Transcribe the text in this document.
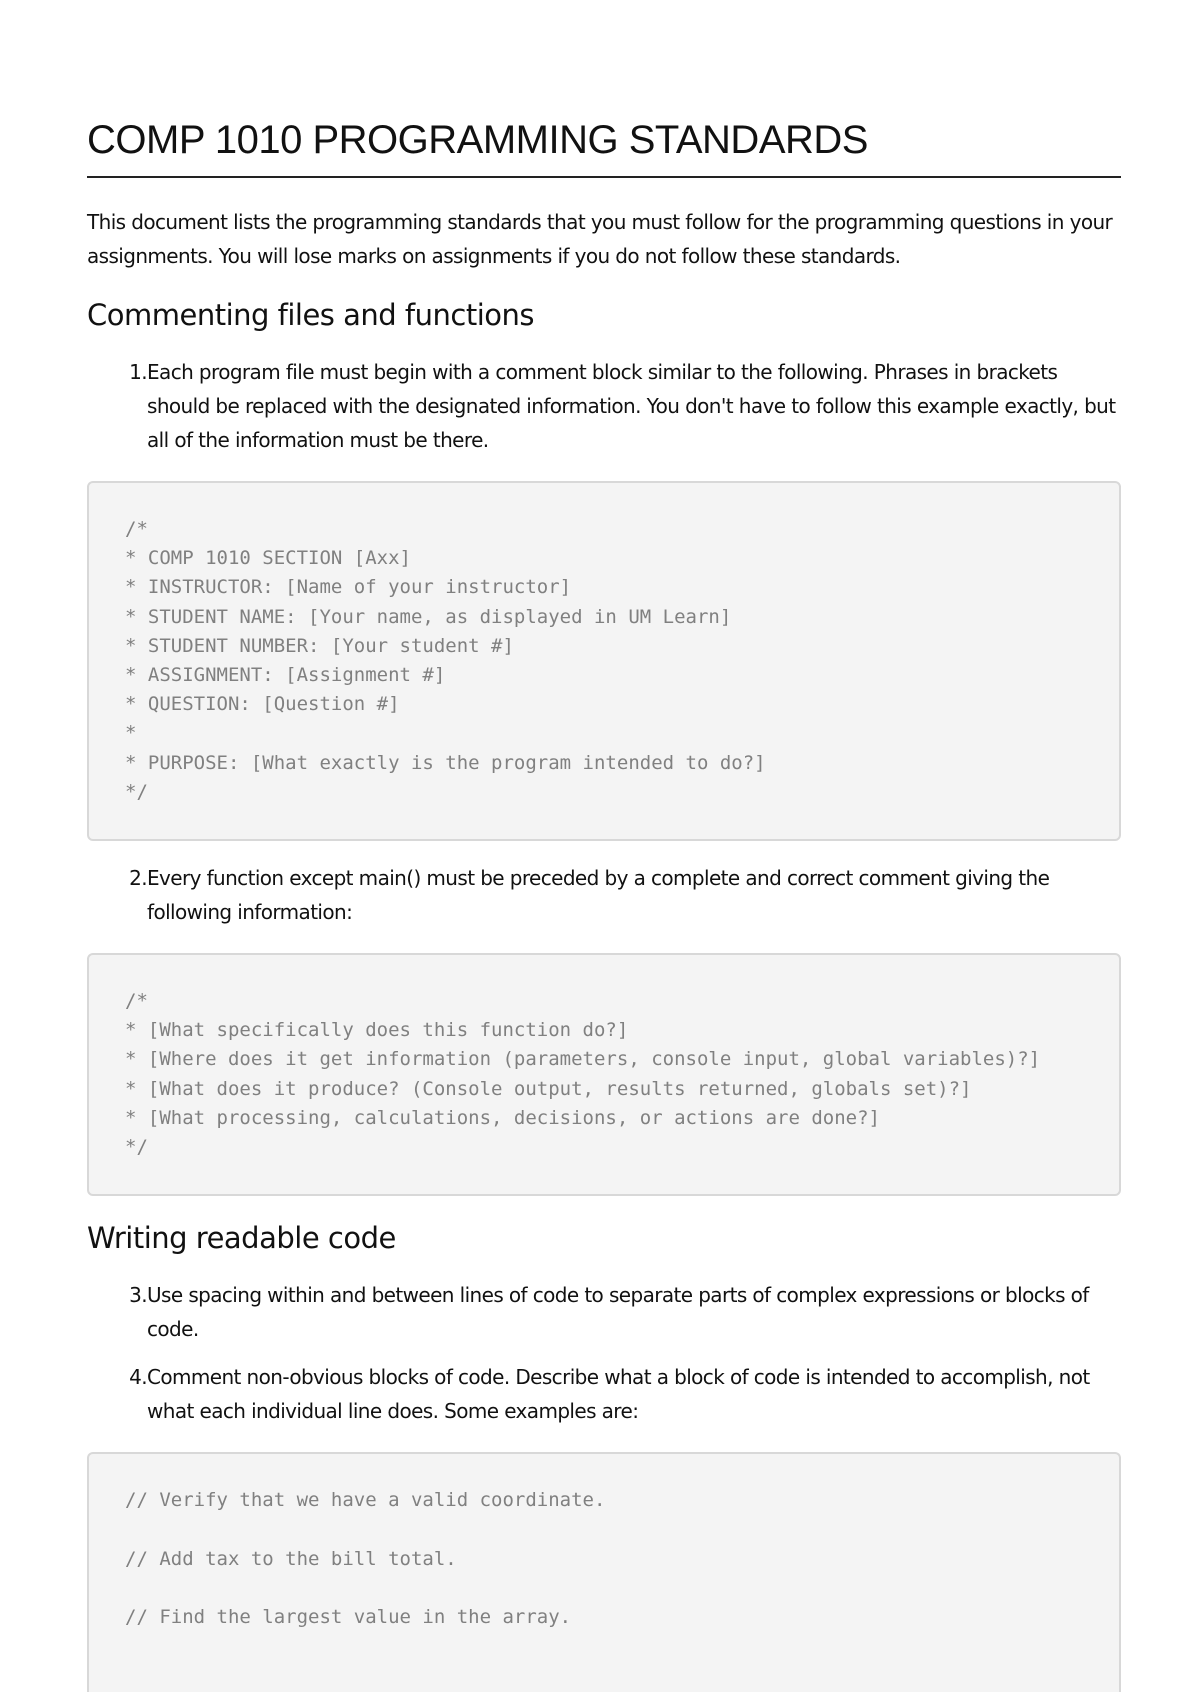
COMP 1010 PROGRAMMING STANDARDS

This document lists the programming standards that you must follow for the programming questions in your assignments. You will lose marks on assignments if you do not follow these standards.

Commenting files and functions
1. Each program file must begin with a comment block similar to the following. Phrases in brackets should be replaced with the designated information. You don't have to follow this example exactly, but all of the information must be there.
/*
* COMP 1010 SECTION [Axx]
* INSTRUCTOR: [Name of your instructor]
* STUDENT NAME: [Your name, as displayed in UM Learn]
* STUDENT NUMBER: [Your student #]
* ASSIGNMENT: [Assignment #]
* QUESTION: [Question #]
*
* PURPOSE: [What exactly is the program intended to do?]
*/
2. Every function except main() must be preceded by a complete and correct comment giving the following information:
/*
* [What specifically does this function do?]
* [Where does it get information (parameters, console input, global variables)?]
* [What does it produce? (Console output, results returned, globals set)?]
* [What processing, calculations, decisions, or actions are done?]
*/
Writing readable code
3. Use spacing within and between lines of code to separate parts of complex expressions or blocks of code.
4. Comment non-obvious blocks of code. Describe what a block of code is intended to accomplish, not what each individual line does. Some examples are:
// Verify that we have a valid coordinate.
// Add tax to the bill total.
// Find the largest value in the array.
